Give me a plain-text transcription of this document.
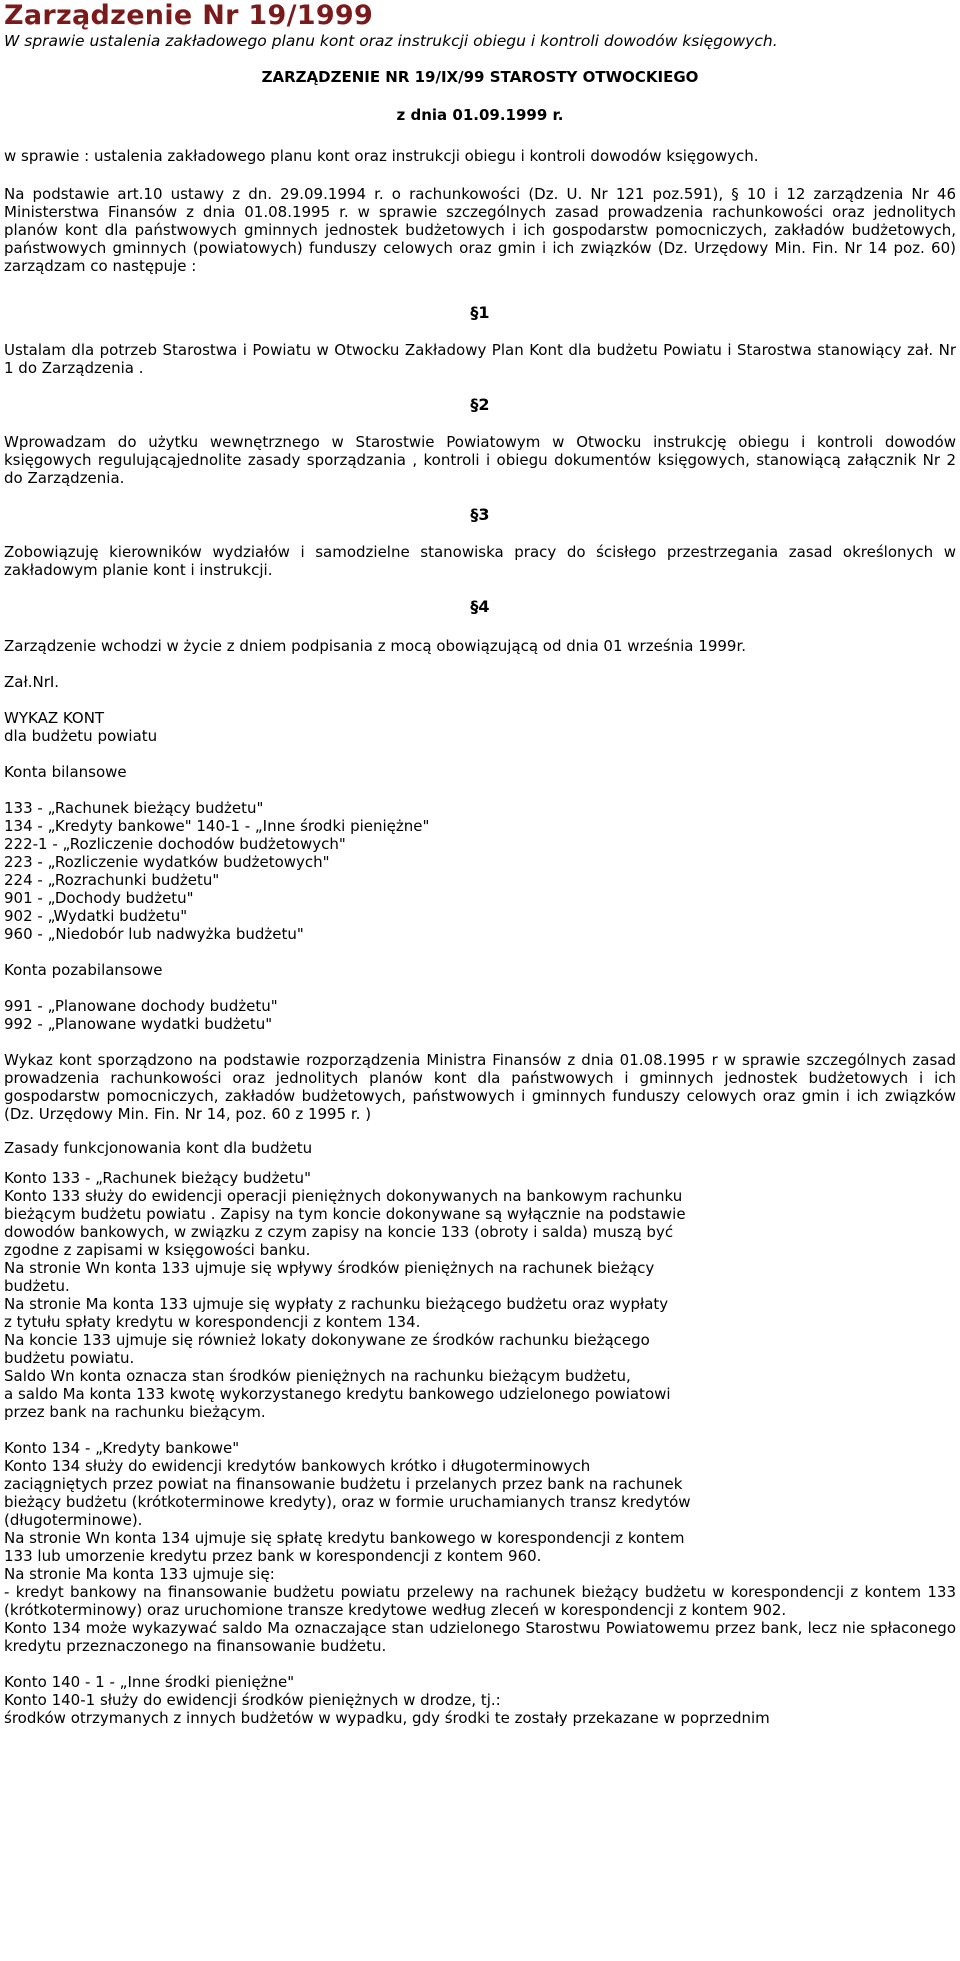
Zarządzenie Nr 19/1999
W sprawie ustalenia zakładowego planu kont oraz instrukcji obiegu i kontroli dowodów księgowych.
ZARZĄDZENIE NR 19/IX/99 STAROSTY OTWOCKIEGO
z dnia 01.09.1999 r.

w sprawie : ustalenia zakładowego planu kont oraz instrukcji obiegu i kontroli dowodów księgowych.

Na podstawie art.10 ustawy z dn. 29.09.1994 r. o rachunkowości (Dz. U. Nr 121 poz.591), § 10 i 12 zarządzenia Nr 46 Ministerstwa Finansów z dnia 01.08.1995 r. w sprawie szczególnych zasad prowadzenia rachunkowości oraz jednolitych planów kont dla państwowych gminnych jednostek budżetowych i ich gospodarstw pomocniczych, zakładów budżetowych, państwowych gminnych (powiatowych) funduszy celowych oraz gmin i ich związków (Dz. Urzędowy Min. Fin. Nr 14 poz. 60) zarządzam co następuje :

§1

Ustalam dla potrzeb Starostwa i Powiatu w Otwocku Zakładowy Plan Kont dla budżetu Powiatu i Starostwa stanowiący zał. Nr 1 do Zarządzenia .

§2

Wprowadzam do użytku wewnętrznego w Starostwie Powiatowym w Otwocku instrukcję obiegu i kontroli dowodów księgowych regulującąjednolite zasady sporządzania , kontroli i obiegu dokumentów księgowych, stanowiącą załącznik Nr 2 do Zarządzenia.

§3

Zobowiązuję kierowników wydziałów i samodzielne stanowiska pracy do ścisłego przestrzegania zasad określonych w zakładowym planie kont i instrukcji.

§4

Zarządzenie wchodzi w życie z dniem podpisania z mocą obowiązującą od dnia 01 września 1999r.

Zał.NrI.

WYKAZ KONT
dla budżetu powiatu

Konta bilansowe

133 - „Rachunek bieżący budżetu"
134 - „Kredyty bankowe" 140-1 - „Inne środki pieniężne"
222-1 - „Rozliczenie dochodów budżetowych"
223 - „Rozliczenie wydatków budżetowych"
224 - „Rozrachunki budżetu"
901 - „Dochody budżetu"
902 - „Wydatki budżetu"
960 - „Niedobór lub nadwyżka budżetu"

Konta pozabilansowe

991 - „Planowane dochody budżetu"
992 - „Planowane wydatki budżetu"

Wykaz kont sporządzono na podstawie rozporządzenia Ministra Finansów z dnia 01.08.1995 r w sprawie szczególnych zasad prowadzenia rachunkowości oraz jednolitych planów kont dla państwowych i gminnych jednostek budżetowych i ich gospodarstw pomocniczych, zakładów budżetowych, państwowych i gminnych funduszy celowych oraz gmin i ich związków (Dz. Urzędowy Min. Fin. Nr 14, poz. 60 z 1995 r. )

Zasady funkcjonowania kont dla budżetu

Konto 133 - „Rachunek bieżący budżetu"
Konto 133 służy do ewidencji operacji pieniężnych dokonywanych na bankowym rachunku
bieżącym budżetu powiatu . Zapisy na tym koncie dokonywane są wyłącznie na podstawie
dowodów bankowych, w związku z czym zapisy na koncie 133 (obroty i salda) muszą być
zgodne z zapisami w księgowości banku.
Na stronie Wn konta 133 ujmuje się wpływy środków pieniężnych na rachunek bieżący
budżetu.
Na stronie Ma konta 133 ujmuje się wypłaty z rachunku bieżącego budżetu oraz wypłaty
z tytułu spłaty kredytu w korespondencji z kontem 134.
Na koncie 133 ujmuje się również lokaty dokonywane ze środków rachunku bieżącego
budżetu powiatu.
Saldo Wn konta oznacza stan środków pieniężnych na rachunku bieżącym budżetu,
a saldo Ma konta 133 kwotę wykorzystanego kredytu bankowego udzielonego powiatowi
przez bank na rachunku bieżącym.
Konto 134 - „Kredyty bankowe"
Konto 134 służy do ewidencji kredytów bankowych krótko i długoterminowych
zaciągniętych przez powiat na finansowanie budżetu i przelanych przez bank na rachunek
bieżący budżetu (krótkoterminowe kredyty), oraz w formie uruchamianych transz kredytów
(długoterminowe).
Na stronie Wn konta 134 ujmuje się spłatę kredytu bankowego w korespondencji z kontem
133 lub umorzenie kredytu przez bank w korespondencji z kontem 960.
Na stronie Ma konta 133 ujmuje się:

- kredyt bankowy na finansowanie budżetu powiatu przelewy na rachunek bieżący budżetu w korespondencji z kontem 133 (krótkoterminowy) oraz uruchomione transze kredytowe według zleceń w korespondencji z kontem 902.

Konto 134 może wykazywać saldo Ma oznaczające stan udzielonego Starostwu Powiatowemu przez bank, lecz nie spłaconego kredytu przeznaczonego na finansowanie budżetu.

Konto 140 - 1 - „Inne środki pieniężne"
Konto 140-1 służy do ewidencji środków pieniężnych w drodze, tj.:

środków otrzymanych z innych budżetów w wypadku, gdy środki te zostały przekazane w poprzednim
